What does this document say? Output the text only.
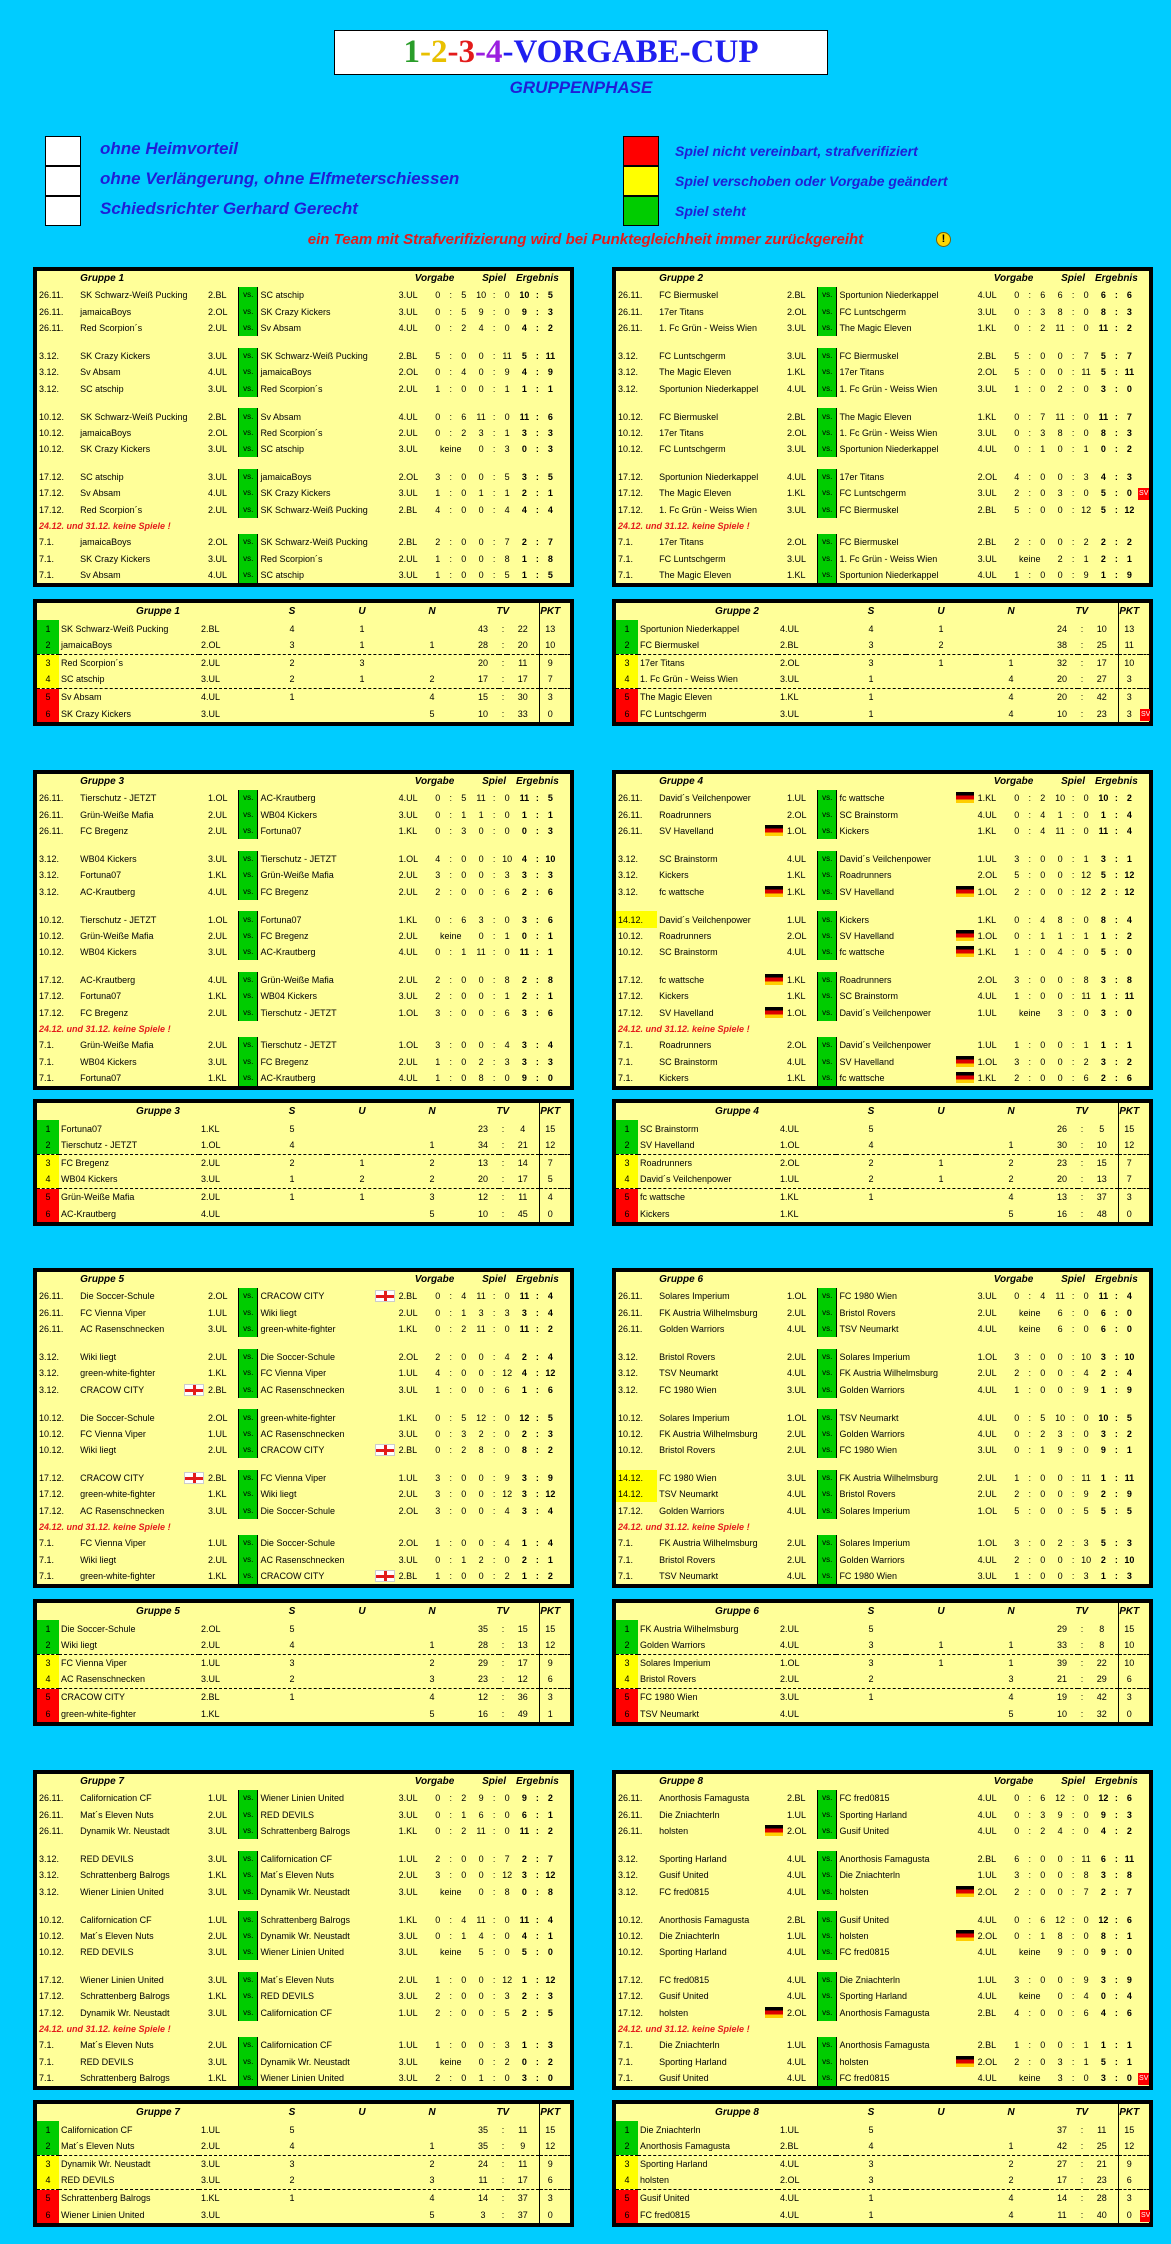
1-2-3-4-VORGABE-CUP
GRUPPENPHASE
ohne Heimvorteil
ohne Verlängerung, ohne Elfmeterschiessen
Schiedsrichter Gerhard Gerecht
Spiel nicht vereinbart, strafverifiziert
Spiel verschoben oder Vorgabe geändert
Spiel steht
ein Team mit Strafverifizierung wird bei Punktegleichheit immer zurückgereiht	!
	Gruppe 1				Vorgabe				Spiel			Ergebnis			
26.11.	SK Schwarz-Weiß Pucking	2.BL	vs.	SC atschip	3.UL	0	:	5	10	:	0	10	:	5	
26.11.	jamaicaBoys	2.OL	vs.	SK Crazy Kickers	3.UL	0	:	5	9	:	0	9	:	3	
26.11.	Red Scorpion´s	2.UL	vs.	Sv Absam	4.UL	0	:	2	4	:	0	4	:	2	

3.12.	SK Crazy Kickers	3.UL	vs.	SK Schwarz-Weiß Pucking	2.BL	5	:	0	0	:	11	5	:	11	
3.12.	Sv Absam	4.UL	vs.	jamaicaBoys	2.OL	0	:	4	0	:	9	4	:	9	
3.12.	SC atschip	3.UL	vs.	Red Scorpion´s	2.UL	1	:	0	0	:	1	1	:	1	

10.12.	SK Schwarz-Weiß Pucking	2.BL	vs.	Sv Absam	4.UL	0	:	6	11	:	0	11	:	6	
10.12.	jamaicaBoys	2.OL	vs.	Red Scorpion´s	2.UL	0	:	2	3	:	1	3	:	3	
10.12.	SK Crazy Kickers	3.UL	vs.	SC atschip	3.UL	keine			0	:	3	0	:	3	

17.12.	SC atschip	3.UL	vs.	jamaicaBoys	2.OL	3	:	0	0	:	5	3	:	5	
17.12.	Sv Absam	4.UL	vs.	SK Crazy Kickers	3.UL	1	:	0	1	:	1	2	:	1	
17.12.	Red Scorpion´s	2.UL	vs.	SK Schwarz-Weiß Pucking	2.BL	4	:	0	0	:	4	4	:	4	
24.12. und 31.12. keine Spiele !															
7.1.	jamaicaBoys	2.OL	vs.	SK Schwarz-Weiß Pucking	2.BL	2	:	0	0	:	7	2	:	7	
7.1.	SK Crazy Kickers	3.UL	vs.	Red Scorpion´s	2.UL	1	:	0	0	:	8	1	:	8	
7.1.	Sv Absam	4.UL	vs.	SC atschip	3.UL	1	:	0	0	:	5	1	:	5	
	Gruppe 1		S	U	N	TV			PKT	
1	SK Schwarz-Weiß Pucking	2.BL	4	1		43	:	22	13	
2	jamaicaBoys	2.OL	3	1	1	28	:	20	10	
3	Red Scorpion´s	2.UL	2	3		20	:	11	9	
4	SC atschip	3.UL	2	1	2	17	:	17	7	
5	Sv Absam	4.UL	1		4	15	:	30	3	
6	SK Crazy Kickers	3.UL			5	10	:	33	0	
	Gruppe 2				Vorgabe				Spiel			Ergebnis			
26.11.	FC Biermuskel	2.BL	vs.	Sportunion Niederkappel	4.UL	0	:	6	6	:	0	6	:	6	
26.11.	17er Titans	2.OL	vs.	FC Luntschgerm	3.UL	0	:	3	8	:	0	8	:	3	
26.11.	1. Fc Grün - Weiss Wien	3.UL	vs.	The Magic Eleven	1.KL	0	:	2	11	:	0	11	:	2	

3.12.	FC Luntschgerm	3.UL	vs.	FC Biermuskel	2.BL	5	:	0	0	:	7	5	:	7	
3.12.	The Magic Eleven	1.KL	vs.	17er Titans	2.OL	5	:	0	0	:	11	5	:	11	
3.12.	Sportunion Niederkappel	4.UL	vs.	1. Fc Grün - Weiss Wien	3.UL	1	:	0	2	:	0	3	:	0	

10.12.	FC Biermuskel	2.BL	vs.	The Magic Eleven	1.KL	0	:	7	11	:	0	11	:	7	
10.12.	17er Titans	2.OL	vs.	1. Fc Grün - Weiss Wien	3.UL	0	:	3	8	:	0	8	:	3	
10.12.	FC Luntschgerm	3.UL	vs.	Sportunion Niederkappel	4.UL	0	:	1	0	:	1	0	:	2	

17.12.	Sportunion Niederkappel	4.UL	vs.	17er Titans	2.OL	4	:	0	0	:	3	4	:	3	
17.12.	The Magic Eleven	1.KL	vs.	FC Luntschgerm	3.UL	2	:	0	3	:	0	5	:	0	SV
17.12.	1. Fc Grün - Weiss Wien	3.UL	vs.	FC Biermuskel	2.BL	5	:	0	0	:	12	5	:	12	
24.12. und 31.12. keine Spiele !															
7.1.	17er Titans	2.OL	vs.	FC Biermuskel	2.BL	2	:	0	0	:	2	2	:	2	
7.1.	FC Luntschgerm	3.UL	vs.	1. Fc Grün - Weiss Wien	3.UL	keine			2	:	1	2	:	1	
7.1.	The Magic Eleven	1.KL	vs.	Sportunion Niederkappel	4.UL	1	:	0	0	:	9	1	:	9	
	Gruppe 2		S	U	N	TV			PKT	
1	Sportunion Niederkappel	4.UL	4	1		24	:	10	13	
2	FC Biermuskel	2.BL	3	2		38	:	25	11	
3	17er Titans	2.OL	3	1	1	32	:	17	10	
4	1. Fc Grün - Weiss Wien	3.UL	1		4	20	:	27	3	
5	The Magic Eleven	1.KL	1		4	20	:	42	3	
6	FC Luntschgerm	3.UL	1		4	10	:	23	3	SV
	Gruppe 3				Vorgabe				Spiel			Ergebnis			
26.11.	Tierschutz - JETZT	1.OL	vs.	AC-Krautberg	4.UL	0	:	5	11	:	0	11	:	5	
26.11.	Grün-Weiße Mafia	2.UL	vs.	WB04 Kickers	3.UL	0	:	1	1	:	0	1	:	1	
26.11.	FC Bregenz	2.UL	vs.	Fortuna07	1.KL	0	:	3	0	:	0	0	:	3	

3.12.	WB04 Kickers	3.UL	vs.	Tierschutz - JETZT	1.OL	4	:	0	0	:	10	4	:	10	
3.12.	Fortuna07	1.KL	vs.	Grün-Weiße Mafia	2.UL	3	:	0	0	:	3	3	:	3	
3.12.	AC-Krautberg	4.UL	vs.	FC Bregenz	2.UL	2	:	0	0	:	6	2	:	6	

10.12.	Tierschutz - JETZT	1.OL	vs.	Fortuna07	1.KL	0	:	6	3	:	0	3	:	6	
10.12.	Grün-Weiße Mafia	2.UL	vs.	FC Bregenz	2.UL	keine			0	:	1	0	:	1	
10.12.	WB04 Kickers	3.UL	vs.	AC-Krautberg	4.UL	0	:	1	11	:	0	11	:	1	

17.12.	AC-Krautberg	4.UL	vs.	Grün-Weiße Mafia	2.UL	2	:	0	0	:	8	2	:	8	
17.12.	Fortuna07	1.KL	vs.	WB04 Kickers	3.UL	2	:	0	0	:	1	2	:	1	
17.12.	FC Bregenz	2.UL	vs.	Tierschutz - JETZT	1.OL	3	:	0	0	:	6	3	:	6	
24.12. und 31.12. keine Spiele !															
7.1.	Grün-Weiße Mafia	2.UL	vs.	Tierschutz - JETZT	1.OL	3	:	0	0	:	4	3	:	4	
7.1.	WB04 Kickers	3.UL	vs.	FC Bregenz	2.UL	1	:	0	2	:	3	3	:	3	
7.1.	Fortuna07	1.KL	vs.	AC-Krautberg	4.UL	1	:	0	8	:	0	9	:	0	
	Gruppe 3		S	U	N	TV			PKT	
1	Fortuna07	1.KL	5			23	:	4	15	
2	Tierschutz - JETZT	1.OL	4		1	34	:	21	12	
3	FC Bregenz	2.UL	2	1	2	13	:	14	7	
4	WB04 Kickers	3.UL	1	2	2	20	:	17	5	
5	Grün-Weiße Mafia	2.UL	1	1	3	12	:	11	4	
6	AC-Krautberg	4.UL			5	10	:	45	0	
	Gruppe 4				Vorgabe				Spiel			Ergebnis			
26.11.	David´s Veilchenpower	1.UL	vs.	fc wattsche	1.KL	0	:	2	10	:	0	10	:	2	
26.11.	Roadrunners	2.OL	vs.	SC Brainstorm	4.UL	0	:	4	1	:	0	1	:	4	
26.11.	SV Havelland	1.OL	vs.	Kickers	1.KL	0	:	4	11	:	0	11	:	4	

3.12.	SC Brainstorm	4.UL	vs.	David´s Veilchenpower	1.UL	3	:	0	0	:	1	3	:	1	
3.12.	Kickers	1.KL	vs.	Roadrunners	2.OL	5	:	0	0	:	12	5	:	12	
3.12.	fc wattsche	1.KL	vs.	SV Havelland	1.OL	2	:	0	0	:	12	2	:	12	

14.12.	David´s Veilchenpower	1.UL	vs.	Kickers	1.KL	0	:	4	8	:	0	8	:	4	
10.12.	Roadrunners	2.OL	vs.	SV Havelland	1.OL	0	:	1	1	:	1	1	:	2	
10.12.	SC Brainstorm	4.UL	vs.	fc wattsche	1.KL	1	:	0	4	:	0	5	:	0	

17.12.	fc wattsche	1.KL	vs.	Roadrunners	2.OL	3	:	0	0	:	8	3	:	8	
17.12.	Kickers	1.KL	vs.	SC Brainstorm	4.UL	1	:	0	0	:	11	1	:	11	
17.12.	SV Havelland	1.OL	vs.	David´s Veilchenpower	1.UL	keine			3	:	0	3	:	0	
24.12. und 31.12. keine Spiele !															
7.1.	Roadrunners	2.OL	vs.	David´s Veilchenpower	1.UL	1	:	0	0	:	1	1	:	1	
7.1.	SC Brainstorm	4.UL	vs.	SV Havelland	1.OL	3	:	0	0	:	2	3	:	2	
7.1.	Kickers	1.KL	vs.	fc wattsche	1.KL	2	:	0	0	:	6	2	:	6	
	Gruppe 4		S	U	N	TV			PKT	
1	SC Brainstorm	4.UL	5			26	:	5	15	
2	SV Havelland	1.OL	4		1	30	:	10	12	
3	Roadrunners	2.OL	2	1	2	23	:	15	7	
4	David´s Veilchenpower	1.UL	2	1	2	20	:	13	7	
5	fc wattsche	1.KL	1		4	13	:	37	3	
6	Kickers	1.KL			5	16	:	48	0	
	Gruppe 5				Vorgabe				Spiel			Ergebnis			
26.11.	Die Soccer-Schule	2.OL	vs.	CRACOW CITY	2.BL	0	:	4	11	:	0	11	:	4	
26.11.	FC Vienna Viper	1.UL	vs.	Wiki liegt	2.UL	0	:	1	3	:	3	3	:	4	
26.11.	AC Rasenschnecken	3.UL	vs.	green-white-fighter	1.KL	0	:	2	11	:	0	11	:	2	

3.12.	Wiki liegt	2.UL	vs.	Die Soccer-Schule	2.OL	2	:	0	0	:	4	2	:	4	
3.12.	green-white-fighter	1.KL	vs.	FC Vienna Viper	1.UL	4	:	0	0	:	12	4	:	12	
3.12.	CRACOW CITY	2.BL	vs.	AC Rasenschnecken	3.UL	1	:	0	0	:	6	1	:	6	

10.12.	Die Soccer-Schule	2.OL	vs.	green-white-fighter	1.KL	0	:	5	12	:	0	12	:	5	
10.12.	FC Vienna Viper	1.UL	vs.	AC Rasenschnecken	3.UL	0	:	3	2	:	0	2	:	3	
10.12.	Wiki liegt	2.UL	vs.	CRACOW CITY	2.BL	0	:	2	8	:	0	8	:	2	

17.12.	CRACOW CITY	2.BL	vs.	FC Vienna Viper	1.UL	3	:	0	0	:	9	3	:	9	
17.12.	green-white-fighter	1.KL	vs.	Wiki liegt	2.UL	3	:	0	0	:	12	3	:	12	
17.12.	AC Rasenschnecken	3.UL	vs.	Die Soccer-Schule	2.OL	3	:	0	0	:	4	3	:	4	
24.12. und 31.12. keine Spiele !															
7.1.	FC Vienna Viper	1.UL	vs.	Die Soccer-Schule	2.OL	1	:	0	0	:	4	1	:	4	
7.1.	Wiki liegt	2.UL	vs.	AC Rasenschnecken	3.UL	0	:	1	2	:	0	2	:	1	
7.1.	green-white-fighter	1.KL	vs.	CRACOW CITY	2.BL	1	:	0	0	:	2	1	:	2	
	Gruppe 5		S	U	N	TV			PKT	
1	Die Soccer-Schule	2.OL	5			35	:	15	15	
2	Wiki liegt	2.UL	4		1	28	:	13	12	
3	FC Vienna Viper	1.UL	3		2	29	:	17	9	
4	AC Rasenschnecken	3.UL	2		3	23	:	12	6	
5	CRACOW CITY	2.BL	1		4	12	:	36	3	
6	green-white-fighter	1.KL			5	16	:	49	1	
	Gruppe 6				Vorgabe				Spiel			Ergebnis			
26.11.	Solares Imperium	1.OL	vs.	FC 1980 Wien	3.UL	0	:	4	11	:	0	11	:	4	
26.11.	FK Austria Wilhelmsburg	2.UL	vs.	Bristol Rovers	2.UL	keine			6	:	0	6	:	0	
26.11.	Golden Warriors	4.UL	vs.	TSV Neumarkt	4.UL	keine			6	:	0	6	:	0	

3.12.	Bristol Rovers	2.UL	vs.	Solares Imperium	1.OL	3	:	0	0	:	10	3	:	10	
3.12.	TSV Neumarkt	4.UL	vs.	FK Austria Wilhelmsburg	2.UL	2	:	0	0	:	4	2	:	4	
3.12.	FC 1980 Wien	3.UL	vs.	Golden Warriors	4.UL	1	:	0	0	:	9	1	:	9	

10.12.	Solares Imperium	1.OL	vs.	TSV Neumarkt	4.UL	0	:	5	10	:	0	10	:	5	
10.12.	FK Austria Wilhelmsburg	2.UL	vs.	Golden Warriors	4.UL	0	:	2	3	:	0	3	:	2	
10.12.	Bristol Rovers	2.UL	vs.	FC 1980 Wien	3.UL	0	:	1	9	:	0	9	:	1	

14.12.	FC 1980 Wien	3.UL	vs.	FK Austria Wilhelmsburg	2.UL	1	:	0	0	:	11	1	:	11	
14.12.	TSV Neumarkt	4.UL	vs.	Bristol Rovers	2.UL	2	:	0	0	:	9	2	:	9	
17.12.	Golden Warriors	4.UL	vs.	Solares Imperium	1.OL	5	:	0	0	:	5	5	:	5	
24.12. und 31.12. keine Spiele !															
7.1.	FK Austria Wilhelmsburg	2.UL	vs.	Solares Imperium	1.OL	3	:	0	2	:	3	5	:	3	
7.1.	Bristol Rovers	2.UL	vs.	Golden Warriors	4.UL	2	:	0	0	:	10	2	:	10	
7.1.	TSV Neumarkt	4.UL	vs.	FC 1980 Wien	3.UL	1	:	0	0	:	3	1	:	3	
	Gruppe 6		S	U	N	TV			PKT	
1	FK Austria Wilhelmsburg	2.UL	5			29	:	8	15	
2	Golden Warriors	4.UL	3	1	1	33	:	8	10	
3	Solares Imperium	1.OL	3	1	1	39	:	22	10	
4	Bristol Rovers	2.UL	2		3	21	:	29	6	
5	FC 1980 Wien	3.UL	1		4	19	:	42	3	
6	TSV Neumarkt	4.UL			5	10	:	32	0	
	Gruppe 7				Vorgabe				Spiel			Ergebnis			
26.11.	Californication CF	1.UL	vs.	Wiener Linien United	3.UL	0	:	2	9	:	0	9	:	2	
26.11.	Mat´s Eleven Nuts	2.UL	vs.	RED DEVILS	3.UL	0	:	1	6	:	0	6	:	1	
26.11.	Dynamik Wr. Neustadt	3.UL	vs.	Schrattenberg Balrogs	1.KL	0	:	2	11	:	0	11	:	2	

3.12.	RED DEVILS	3.UL	vs.	Californication CF	1.UL	2	:	0	0	:	7	2	:	7	
3.12.	Schrattenberg Balrogs	1.KL	vs.	Mat´s Eleven Nuts	2.UL	3	:	0	0	:	12	3	:	12	
3.12.	Wiener Linien United	3.UL	vs.	Dynamik Wr. Neustadt	3.UL	keine			0	:	8	0	:	8	

10.12.	Californication CF	1.UL	vs.	Schrattenberg Balrogs	1.KL	0	:	4	11	:	0	11	:	4	
10.12.	Mat´s Eleven Nuts	2.UL	vs.	Dynamik Wr. Neustadt	3.UL	0	:	1	4	:	0	4	:	1	
10.12.	RED DEVILS	3.UL	vs.	Wiener Linien United	3.UL	keine			5	:	0	5	:	0	

17.12.	Wiener Linien United	3.UL	vs.	Mat´s Eleven Nuts	2.UL	1	:	0	0	:	12	1	:	12	
17.12.	Schrattenberg Balrogs	1.KL	vs.	RED DEVILS	3.UL	2	:	0	0	:	3	2	:	3	
17.12.	Dynamik Wr. Neustadt	3.UL	vs.	Californication CF	1.UL	2	:	0	0	:	5	2	:	5	
24.12. und 31.12. keine Spiele !															
7.1.	Mat´s Eleven Nuts	2.UL	vs.	Californication CF	1.UL	1	:	0	0	:	3	1	:	3	
7.1.	RED DEVILS	3.UL	vs.	Dynamik Wr. Neustadt	3.UL	keine			0	:	2	0	:	2	
7.1.	Schrattenberg Balrogs	1.KL	vs.	Wiener Linien United	3.UL	2	:	0	1	:	0	3	:	0	
	Gruppe 7		S	U	N	TV			PKT	
1	Californication CF	1.UL	5			35	:	11	15	
2	Mat´s Eleven Nuts	2.UL	4		1	35	:	9	12	
3	Dynamik Wr. Neustadt	3.UL	3		2	24	:	11	9	
4	RED DEVILS	3.UL	2		3	11	:	17	6	
5	Schrattenberg Balrogs	1.KL	1		4	14	:	37	3	
6	Wiener Linien United	3.UL			5	3	:	37	0	
	Gruppe 8				Vorgabe				Spiel			Ergebnis			
26.11.	Anorthosis Famagusta	2.BL	vs.	FC fred0815	4.UL	0	:	6	12	:	0	12	:	6	
26.11.	Die Zniachterln	1.UL	vs.	Sporting Harland	4.UL	0	:	3	9	:	0	9	:	3	
26.11.	holsten	2.OL	vs.	Gusif United	4.UL	0	:	2	4	:	0	4	:	2	

3.12.	Sporting Harland	4.UL	vs.	Anorthosis Famagusta	2.BL	6	:	0	0	:	11	6	:	11	
3.12.	Gusif United	4.UL	vs.	Die Zniachterln	1.UL	3	:	0	0	:	8	3	:	8	
3.12.	FC fred0815	4.UL	vs.	holsten	2.OL	2	:	0	0	:	7	2	:	7	

10.12.	Anorthosis Famagusta	2.BL	vs.	Gusif United	4.UL	0	:	6	12	:	0	12	:	6	
10.12.	Die Zniachterln	1.UL	vs.	holsten	2.OL	0	:	1	8	:	0	8	:	1	
10.12.	Sporting Harland	4.UL	vs.	FC fred0815	4.UL	keine			9	:	0	9	:	0	

17.12.	FC fred0815	4.UL	vs.	Die Zniachterln	1.UL	3	:	0	0	:	9	3	:	9	
17.12.	Gusif United	4.UL	vs.	Sporting Harland	4.UL	keine			0	:	4	0	:	4	
17.12.	holsten	2.OL	vs.	Anorthosis Famagusta	2.BL	4	:	0	0	:	6	4	:	6	
24.12. und 31.12. keine Spiele !															
7.1.	Die Zniachterln	1.UL	vs.	Anorthosis Famagusta	2.BL	1	:	0	0	:	1	1	:	1	
7.1.	Sporting Harland	4.UL	vs.	holsten	2.OL	2	:	0	3	:	1	5	:	1	
7.1.	Gusif United	4.UL	vs.	FC fred0815	4.UL	keine			3	:	0	3	:	0	SV
	Gruppe 8		S	U	N	TV			PKT	
1	Die Zniachterln	1.UL	5			37	:	11	15	
2	Anorthosis Famagusta	2.BL	4		1	42	:	25	12	
3	Sporting Harland	4.UL	3		2	27	:	21	9	
4	holsten	2.OL	3		2	17	:	23	6	
5	Gusif United	4.UL	1		4	14	:	28	3	
6	FC fred0815	4.UL	1		4	11	:	40	0	SV
